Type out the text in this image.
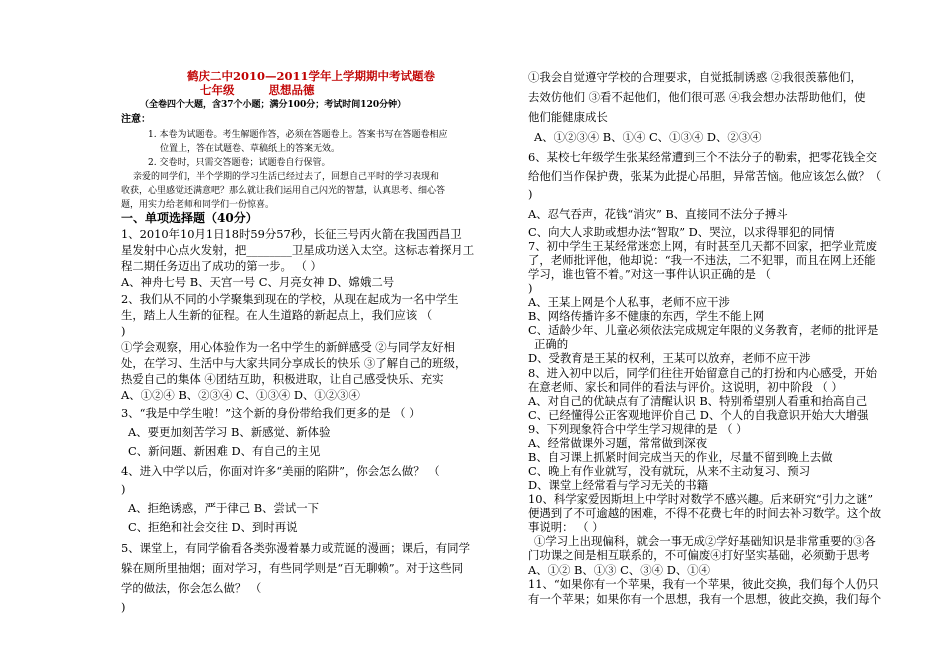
鹤庆二中2010—2011学年上学期期中考试题卷
七年级 思想品德
（全卷四个大题，含37个小题；满分100分；考试时间120分钟）
注意：
1. 本卷为试题卷。考生解题作答，必须在答题卷上。答案书写在答题卷相应
位置上，答在试题卷、草稿纸上的答案无效。
2. 交卷时，只需交答题卷；试题卷自行保管。
亲爱的同学们，半个学期的学习生活已经过去了，回想自己平时的学习表现和
收获，心里感觉还满意吧？那么就让我们运用自己闪光的智慧，认真思考、细心答
题，用实力给老师和同学们一份惊喜。
一、单项选择题（40分）
1、2010年10月1日18时59分57秒，长征三号丙火箭在我国西昌卫
星发射中心点火发射，把________卫星成功送入太空。这标志着探月工
程二期任务迈出了成功的第一步。 （ ）
A、神舟七号 B、天宫一号 C、月亮女神 D、嫦娥二号
2、我们从不同的小学聚集到现在的学校，从现在起成为一名中学生
生，踏上人生新的征程。在人生道路的新起点上，我们应该 （
)
①学会观察，用心体验作为一名中学生的新鲜感受 ②与同学友好相
处，在学习、生活中与大家共同分享成长的快乐 ③了解自己的班级，
热爱自己的集体 ④团结互助，积极进取，让自己感受快乐、充实
A、①②④ B、②③④ C、①③④ D、①②③④
3、“我是中学生啦！”这个新的身份带给我们更多的是 （ ）
A、要更加刻苦学习 B、新感觉、新体验
C、新问题、新困难 D、有自己的主见
4、进入中学以后，你面对许多“美丽的陷阱”，你会怎么做？ （
)
A、拒绝诱惑，严于律己 B、尝试一下
C、拒绝和社会交往 D、到时再说
5、课堂上，有同学偷看各类弥漫着暴力或荒诞的漫画；课后，有同学
躲在厕所里抽烟；面对学习，有些同学则是“百无聊赖”。对于这些同
学的做法，你会怎么做？ （
)
①我会自觉遵守学校的合理要求，自觉抵制诱惑 ②我很羡慕他们，
去效仿他们 ③看不起他们，他们很可恶 ④我会想办法帮助他们，使
他们能健康成长
A、①②③④ B、①④ C、①③④ D、②③④
6、某校七年级学生张某经常遭到三个不法分子的勒索，把零花钱全交
给他们当作保护费，张某为此提心吊胆，异常苦恼。他应该怎么做？（
)
A、忍气吞声，花钱“消灾” B、直接同不法分子搏斗
C、向大人求助或想办法“智取” D、哭泣，以求得罪犯的同情
7、初中学生王某经常迷恋上网，有时甚至几天都不回家，把学业荒废
了，老师批评他，他却说：“我一不违法，二不犯罪，而且在网上还能
学习，谁也管不着。”对这一事件认识正确的是 （
)
A、王某上网是个人私事，老师不应干涉
B、网络传播许多不健康的东西，学生不能上网
C、适龄少年、儿童必须依法完成规定年限的义务教育，老师的批评是
正确的
D、受教育是王某的权利，王某可以放弃，老师不应干涉
8、进入初中以后，同学们往往开始留意自己的打扮和内心感受，开始
在意老师、家长和同伴的看法与评价。这说明，初中阶段 （ ）
A、对自己的优缺点有了清醒认识 B、特别希望别人看重和抬高自己
C、已经懂得公正客观地评价自己 D、个人的自我意识开始大大增强
9、下列现象符合中学生学习规律的是 （ ）
A、经常做课外习题，常常做到深夜
B、自习课上抓紧时间完成当天的作业，尽量不留到晚上去做
C、晚上有作业就写，没有就玩，从来不主动复习、预习
D、课堂上经常看与学习无关的书籍
10、科学家爱因斯坦上中学时对数学不感兴趣。后来研究“引力之谜”
便遇到了不可逾越的困难，不得不花费七年的时间去补习数学。这个故
事说明： （ ）
①学习上出现偏科，就会一事无成②学好基础知识是非常重要的③各
门功课之间是相互联系的，不可偏废④打好坚实基础，必须勤于思考
A、①② B、①③ C、③④ D、①④
11、“如果你有一个苹果，我有一个苹果，彼此交换，我们每个人仍只
有一个苹果；如果你有一个思想，我有一个思想，彼此交换，我们每个
